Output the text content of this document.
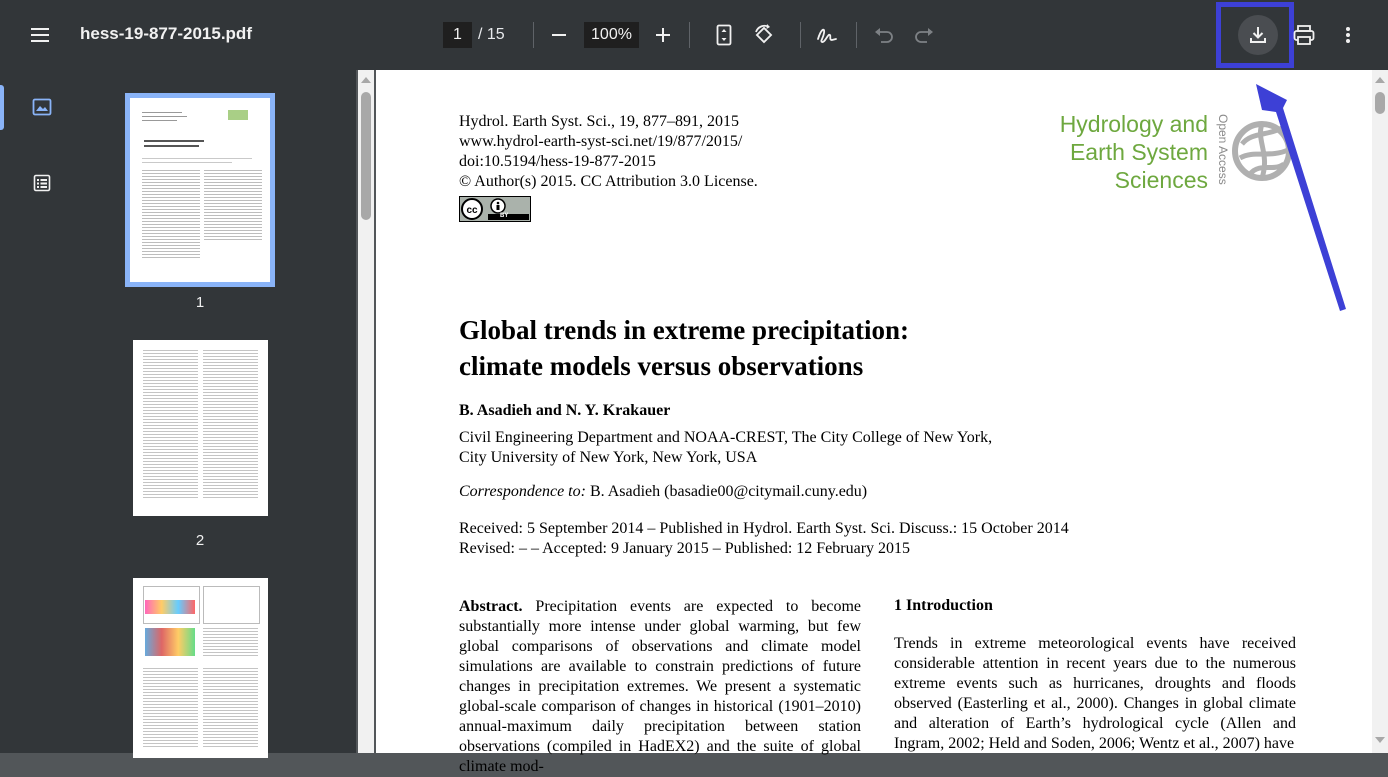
hess-19-877-2015.pdf	1	/ 15	100%
1
2
Hydrol. Earth Syst. Sci., 19, 877–891, 2015
www.hydrol-earth-syst-sci.net/19/877/2015/
doi:10.5194/hess-19-877-2015
© Author(s) 2015. CC Attribution 3.0 License.
cc	BY
Hydrology and
Earth System
Sciences Open Access
Global trends in extreme precipitation:
climate models versus observations
B. Asadieh and N. Y. Krakauer
Civil Engineering Department and NOAA-CREST, The City College of New York,
City University of New York, New York, USA
Correspondence to: B. Asadieh (basadie00@citymail.cuny.edu)
Received: 5 September 2014 – Published in Hydrol. Earth Syst. Sci. Discuss.: 15 October 2014
Revised: – – Accepted: 9 January 2015 – Published: 12 February 2015
Abstract. Precipitation events are expected to become substantially more intense under global warming, but few global comparisons of observations and climate model simulations are available to constrain predictions of future changes in precipitation extremes. We present a systematic global-scale comparison of changes in historical (1901–2010) annual-maximum daily precipitation between station observations (compiled in HadEX2) and the suite of global climate mod-
1 Introduction
Trends in extreme meteorological events have received considerable attention in recent years due to the numerous extreme events such as hurricanes, droughts and floods observed (Easterling et al., 2000). Changes in global climate and alteration of Earth’s hydrological cycle (Allen and Ingram, 2002; Held and Soden, 2006; Wentz et al., 2007) have
